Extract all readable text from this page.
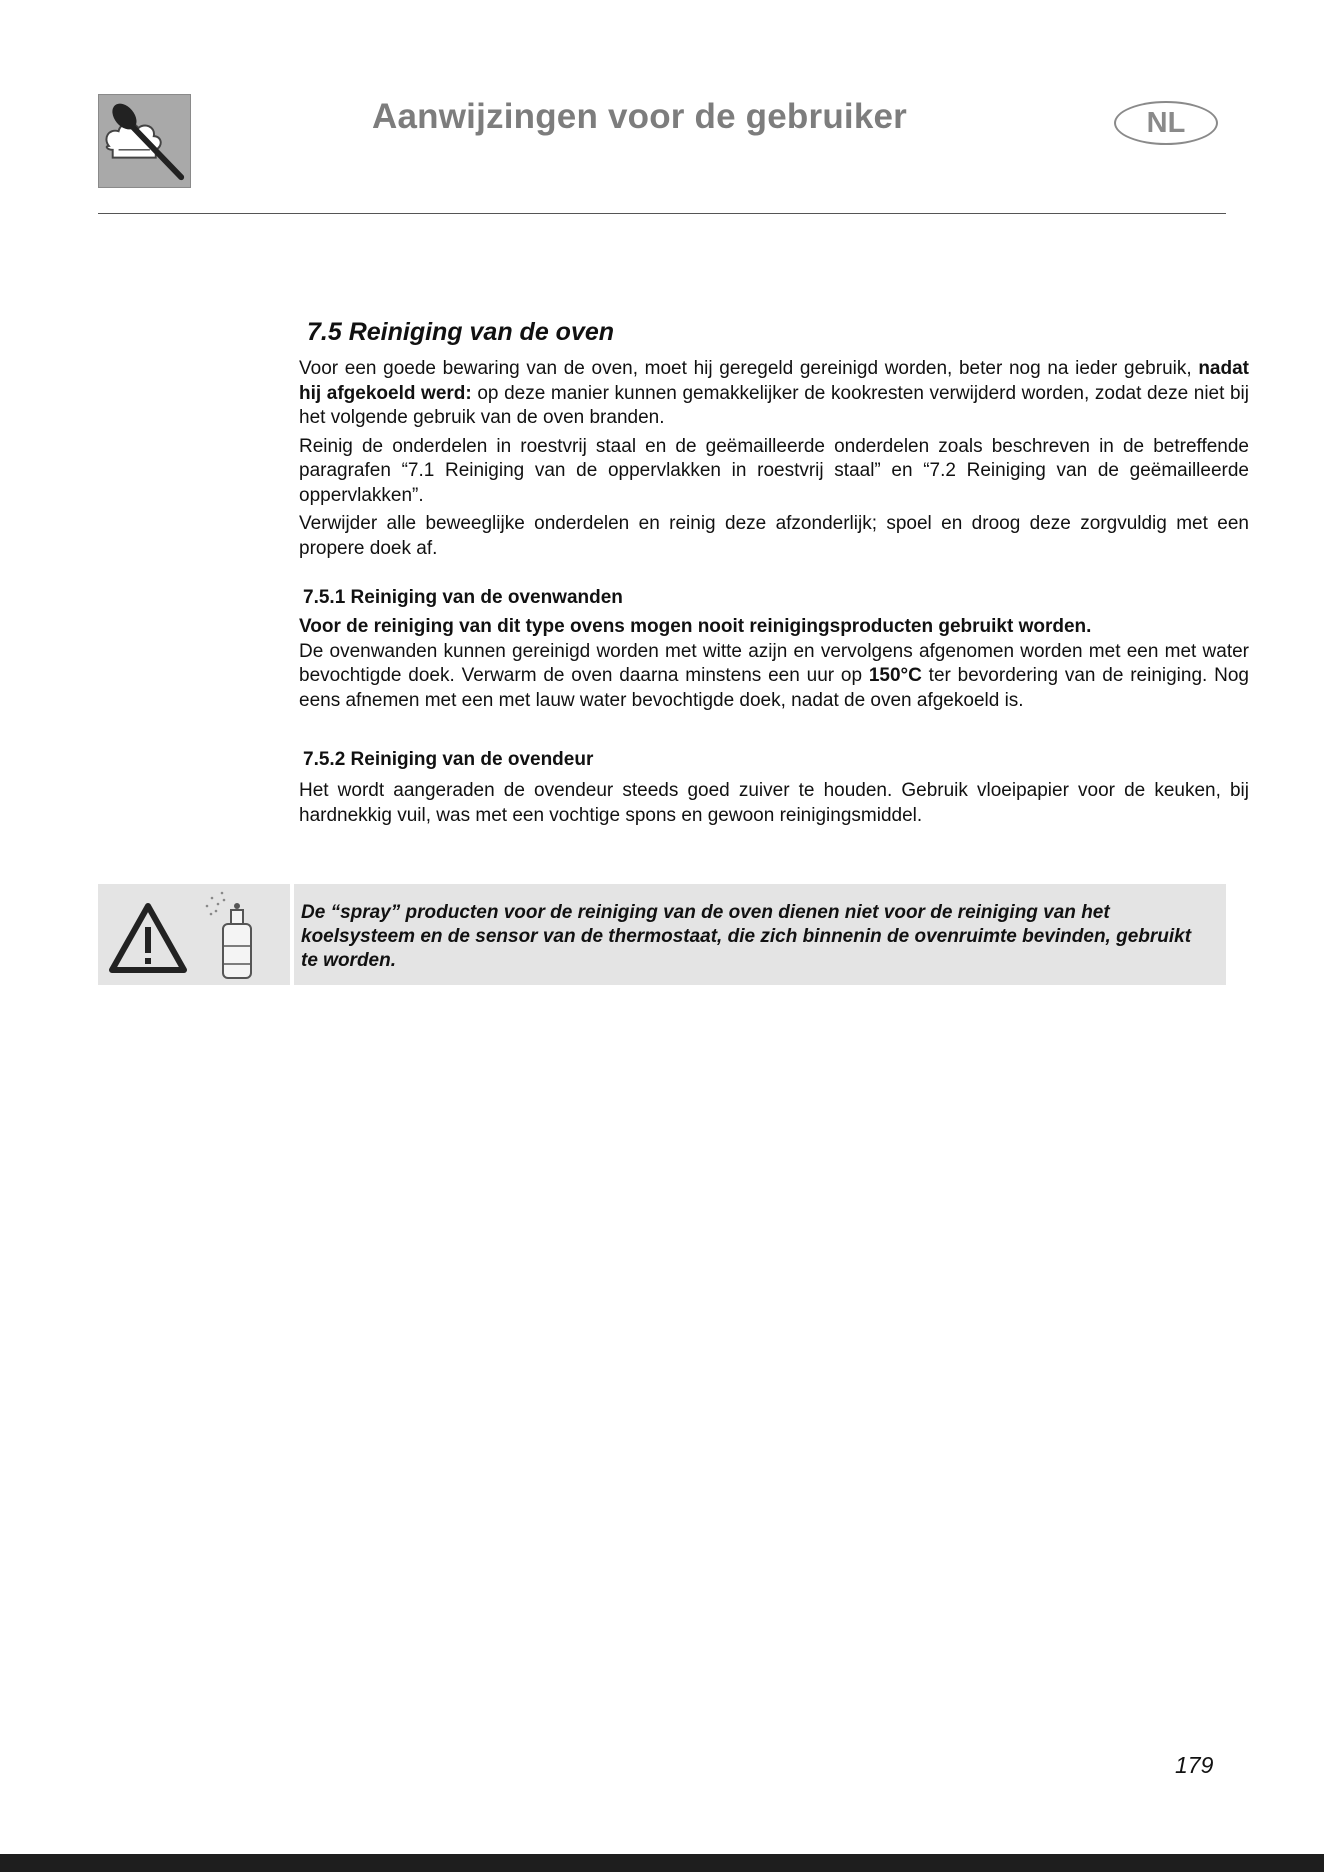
Aanwijzingen voor de gebruiker	NL
7.5 Reiniging van de oven

Voor een goede bewaring van de oven, moet hij geregeld gereinigd worden, beter nog na ieder gebruik, nadat hij afgekoeld werd: op deze manier kunnen gemakkelijker de kookresten verwijderd worden, zodat deze niet bij het volgende gebruik van de oven branden.

Reinig de onderdelen in roestvrij staal en de geëmailleerde onderdelen zoals beschreven in de betreffende paragrafen “7.1 Reiniging van de oppervlakken in roestvrij staal” en “7.2 Reiniging van de geëmailleerde oppervlakken”.

Verwijder alle beweeglijke onderdelen en reinig deze afzonderlijk; spoel en droog deze zorgvuldig met een propere doek af.

7.5.1 Reiniging van de ovenwanden

Voor de reiniging van dit type ovens mogen nooit reinigingsproducten gebruikt worden.

De ovenwanden kunnen gereinigd worden met witte azijn en vervolgens afgenomen worden met een met water bevochtigde doek. Verwarm de oven daarna minstens een uur op 150°C ter bevordering van de reiniging. Nog eens afnemen met een met lauw water bevochtigde doek, nadat de oven afgekoeld is.

7.5.2 Reiniging van de ovendeur

Het wordt aangeraden de ovendeur steeds goed zuiver te houden. Gebruik vloeipapier voor de keuken, bij hardnekkig vuil, was met een vochtige spons en gewoon reinigingsmiddel.

De “spray” producten voor de reiniging van de oven dienen niet voor de reiniging van het koelsysteem en de sensor van de thermostaat, die zich binnenin de ovenruimte bevinden, gebruikt te worden.
179
